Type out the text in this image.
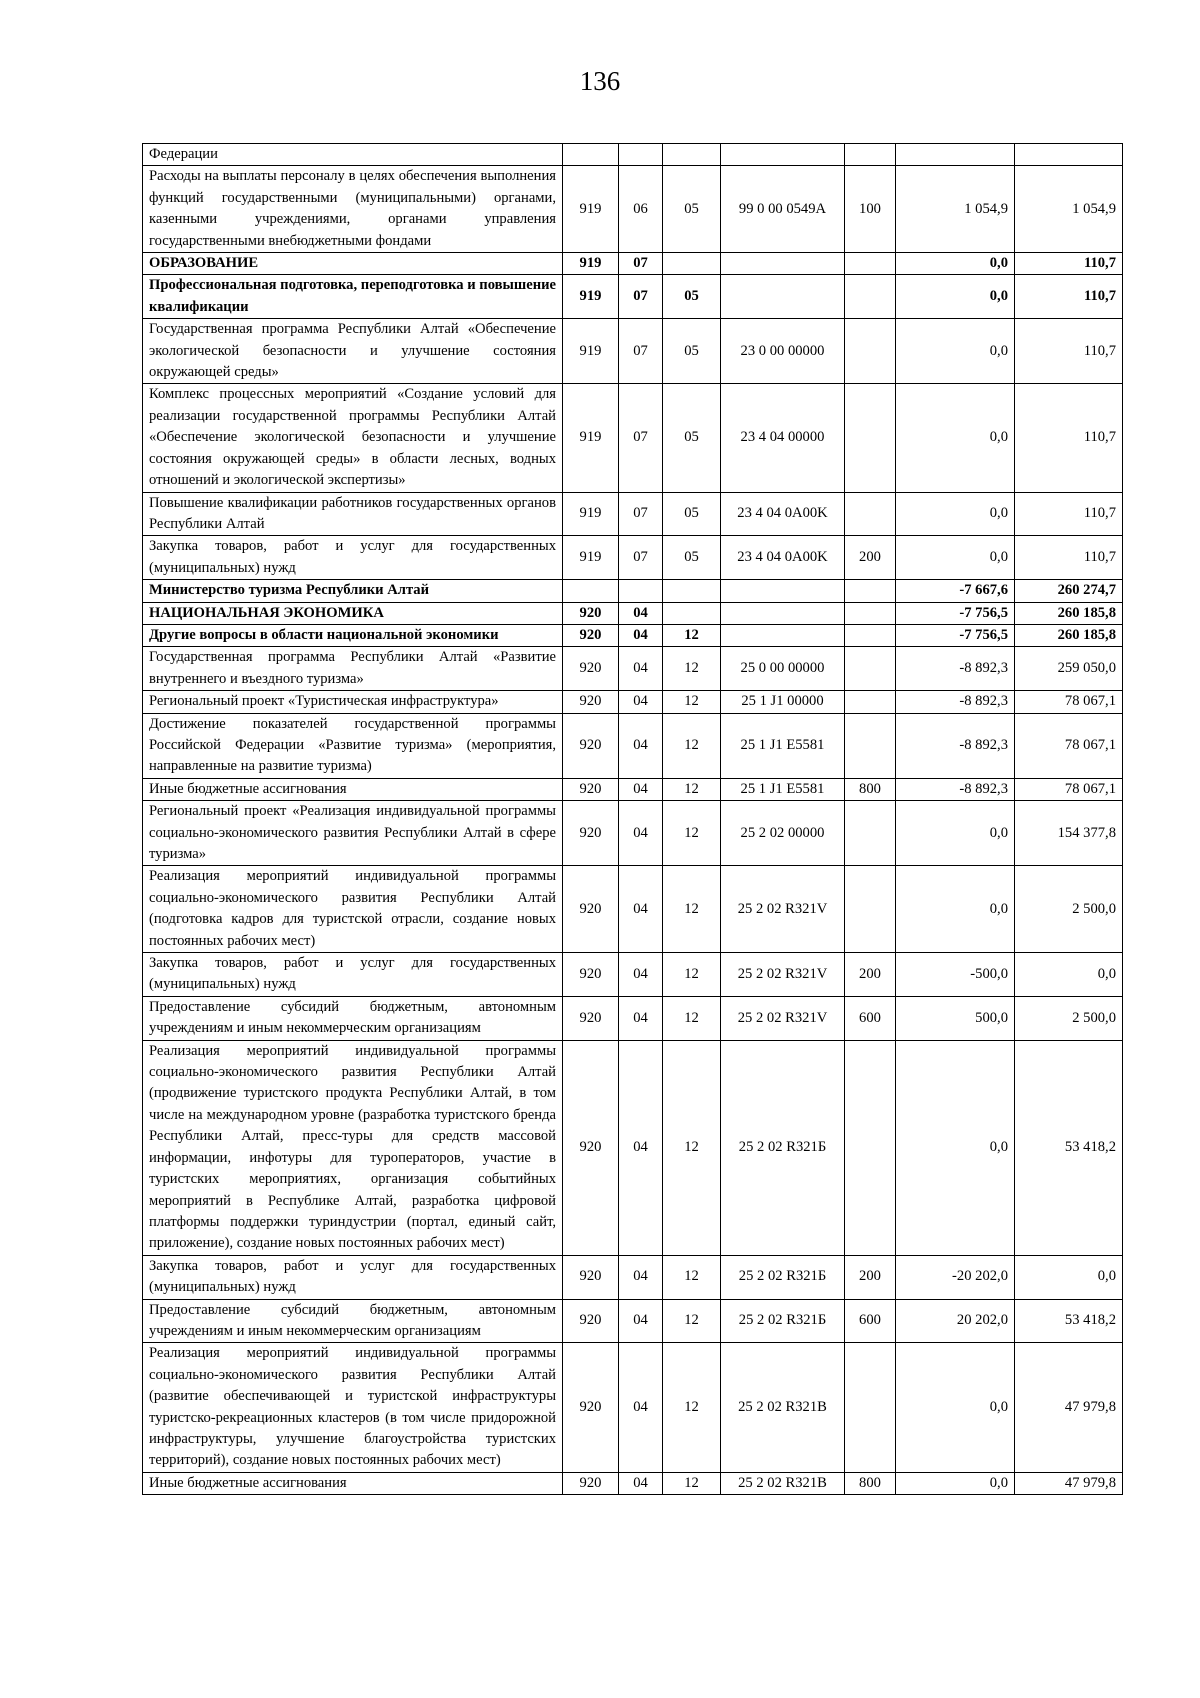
136
Федерации							
Расходы на выплаты персоналу в целях обеспечения выполнения функций государственными (муниципальными) органами, казенными учреждениями, органами управления государственными внебюджетными фондами	919	06	05	99 0 00 0549A	100	1 054,9	1 054,9
ОБРАЗОВАНИЕ	919	07				0,0	110,7
Профессиональная подготовка, переподготовка и повышение квалификации	919	07	05			0,0	110,7
Государственная программа Республики Алтай «Обеспечение экологической безопасности и улучшение состояния окружающей среды»	919	07	05	23 0 00 00000		0,0	110,7
Комплекс процессных мероприятий «Создание условий для реализации государственной программы Республики Алтай «Обеспечение экологической безопасности и улучшение состояния окружающей среды» в области лесных, водных отношений и экологической экспертизы»	919	07	05	23 4 04 00000		0,0	110,7
Повышение квалификации работников государственных органов Республики Алтай	919	07	05	23 4 04 0A00K		0,0	110,7
Закупка товаров, работ и услуг для государственных (муниципальных) нужд	919	07	05	23 4 04 0A00K	200	0,0	110,7
Министерство туризма Республики Алтай						-7 667,6	260 274,7
НАЦИОНАЛЬНАЯ ЭКОНОМИКА	920	04				-7 756,5	260 185,8
Другие вопросы в области национальной экономики	920	04	12			-7 756,5	260 185,8
Государственная программа Республики Алтай «Развитие внутреннего и въездного туризма»	920	04	12	25 0 00 00000		-8 892,3	259 050,0
Региональный проект «Туристическая инфраструктура»	920	04	12	25 1 J1 00000		-8 892,3	78 067,1
Достижение показателей государственной программы Российской Федерации «Развитие туризма» (мероприятия, направленные на развитие туризма)	920	04	12	25 1 J1 E5581		-8 892,3	78 067,1
Иные бюджетные ассигнования	920	04	12	25 1 J1 E5581	800	-8 892,3	78 067,1
Региональный проект «Реализация индивидуальной программы социально-экономического развития Республики Алтай в сфере туризма»	920	04	12	25 2 02 00000		0,0	154 377,8
Реализация мероприятий индивидуальной программы социально-экономического развития Республики Алтай (подготовка кадров для туристской отрасли, создание новых постоянных рабочих мест)	920	04	12	25 2 02 R321V		0,0	2 500,0
Закупка товаров, работ и услуг для государственных (муниципальных) нужд	920	04	12	25 2 02 R321V	200	-500,0	0,0
Предоставление субсидий бюджетным, автономным учреждениям и иным некоммерческим организациям	920	04	12	25 2 02 R321V	600	500,0	2 500,0
Реализация мероприятий индивидуальной программы социально-экономического развития Республики Алтай (продвижение туристского продукта Республики Алтай, в том числе на международном уровне (разработка туристского бренда Республики Алтай, пресс-туры для средств массовой информации, инфотуры для туроператоров, участие в туристских мероприятиях, организация событийных мероприятий в Республике Алтай, разработка цифровой платформы поддержки туриндустрии (портал, единый сайт, приложение), создание новых постоянных рабочих мест)	920	04	12	25 2 02 R321Б		0,0	53 418,2
Закупка товаров, работ и услуг для государственных (муниципальных) нужд	920	04	12	25 2 02 R321Б	200	-20 202,0	0,0
Предоставление субсидий бюджетным, автономным учреждениям и иным некоммерческим организациям	920	04	12	25 2 02 R321Б	600	20 202,0	53 418,2
Реализация мероприятий индивидуальной программы социально-экономического развития Республики Алтай (развитие обеспечивающей и туристской инфраструктуры туристско-рекреационных кластеров (в том числе придорожной инфраструктуры, улучшение благоустройства туристских территорий), создание новых постоянных рабочих мест)	920	04	12	25 2 02 R321В		0,0	47 979,8
Иные бюджетные ассигнования	920	04	12	25 2 02 R321В	800	0,0	47 979,8
